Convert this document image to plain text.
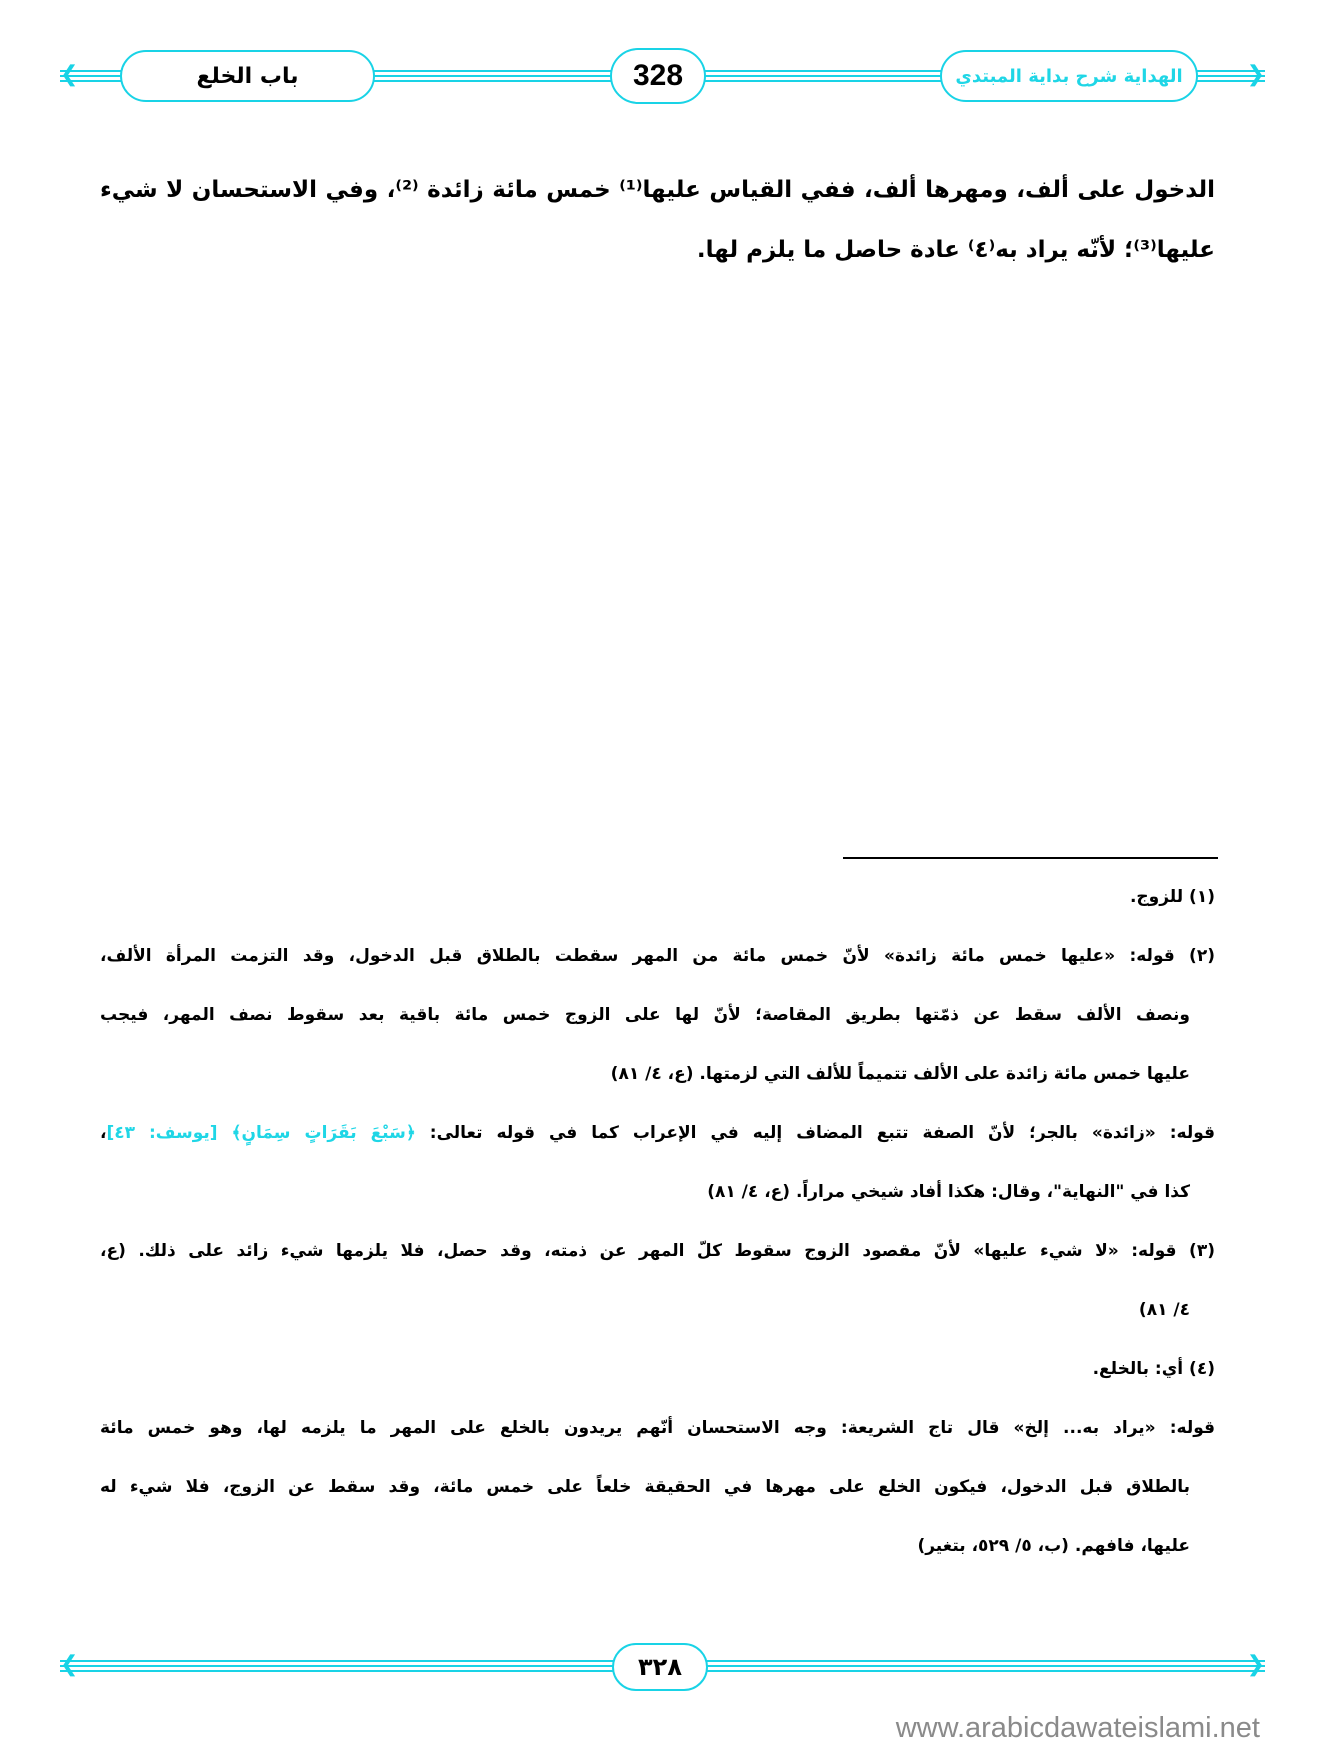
❮	❯
باب الخلع	328	الهداية شرح بداية المبتدي
الدخول على ألف، ومهرها ألف، ففي القياس عليها⁽¹⁾ خمس مائة زائدة ⁽²⁾، وفي الاستحسان لا شيء
عليها⁽³⁾؛ لأنّه يراد به⁽٤⁾ عادة حاصل ما يلزم لها.
(١) للزوج.
(٢) قوله: «عليها خمس مائة زائدة» لأنّ خمس مائة من المهر سقطت بالطلاق قبل الدخول، وقد التزمت المرأة الألف،
ونصف الألف سقط عن ذمّتها بطريق المقاصة؛ لأنّ لها على الزوج خمس مائة باقية بعد سقوط نصف المهر، فيجب
عليها خمس مائة زائدة على الألف تتميماً للألف التي لزمتها. (ع، ٤/ ٨١)
قوله: «زائدة» بالجر؛ لأنّ الصفة تتبع المضاف إليه في الإعراب كما في قوله تعالى: ﴿سَبْعَ بَقَرَاتٍ سِمَانٍ﴾ [يوسف: ٤٣]،
كذا في "النهاية"، وقال: هكذا أفاد شيخي مراراً. (ع، ٤/ ٨١)
(٣) قوله: «لا شيء عليها» لأنّ مقصود الزوج سقوط كلّ المهر عن ذمته، وقد حصل، فلا يلزمها شيء زائد على ذلك. (ع،
٤/ ٨١)
(٤) أي: بالخلع.
قوله: «يراد به... إلخ» قال تاج الشريعة: وجه الاستحسان أنّهم يريدون بالخلع على المهر ما يلزمه لها، وهو خمس مائة
بالطلاق قبل الدخول، فيكون الخلع على مهرها في الحقيقة خلعاً على خمس مائة، وقد سقط عن الزوج، فلا شيء له
عليها، فافهم. (ب، ٥/ ٥٢٩، بتغير)
❮	❯
٣٢٨
www.arabicdawateislami.net
